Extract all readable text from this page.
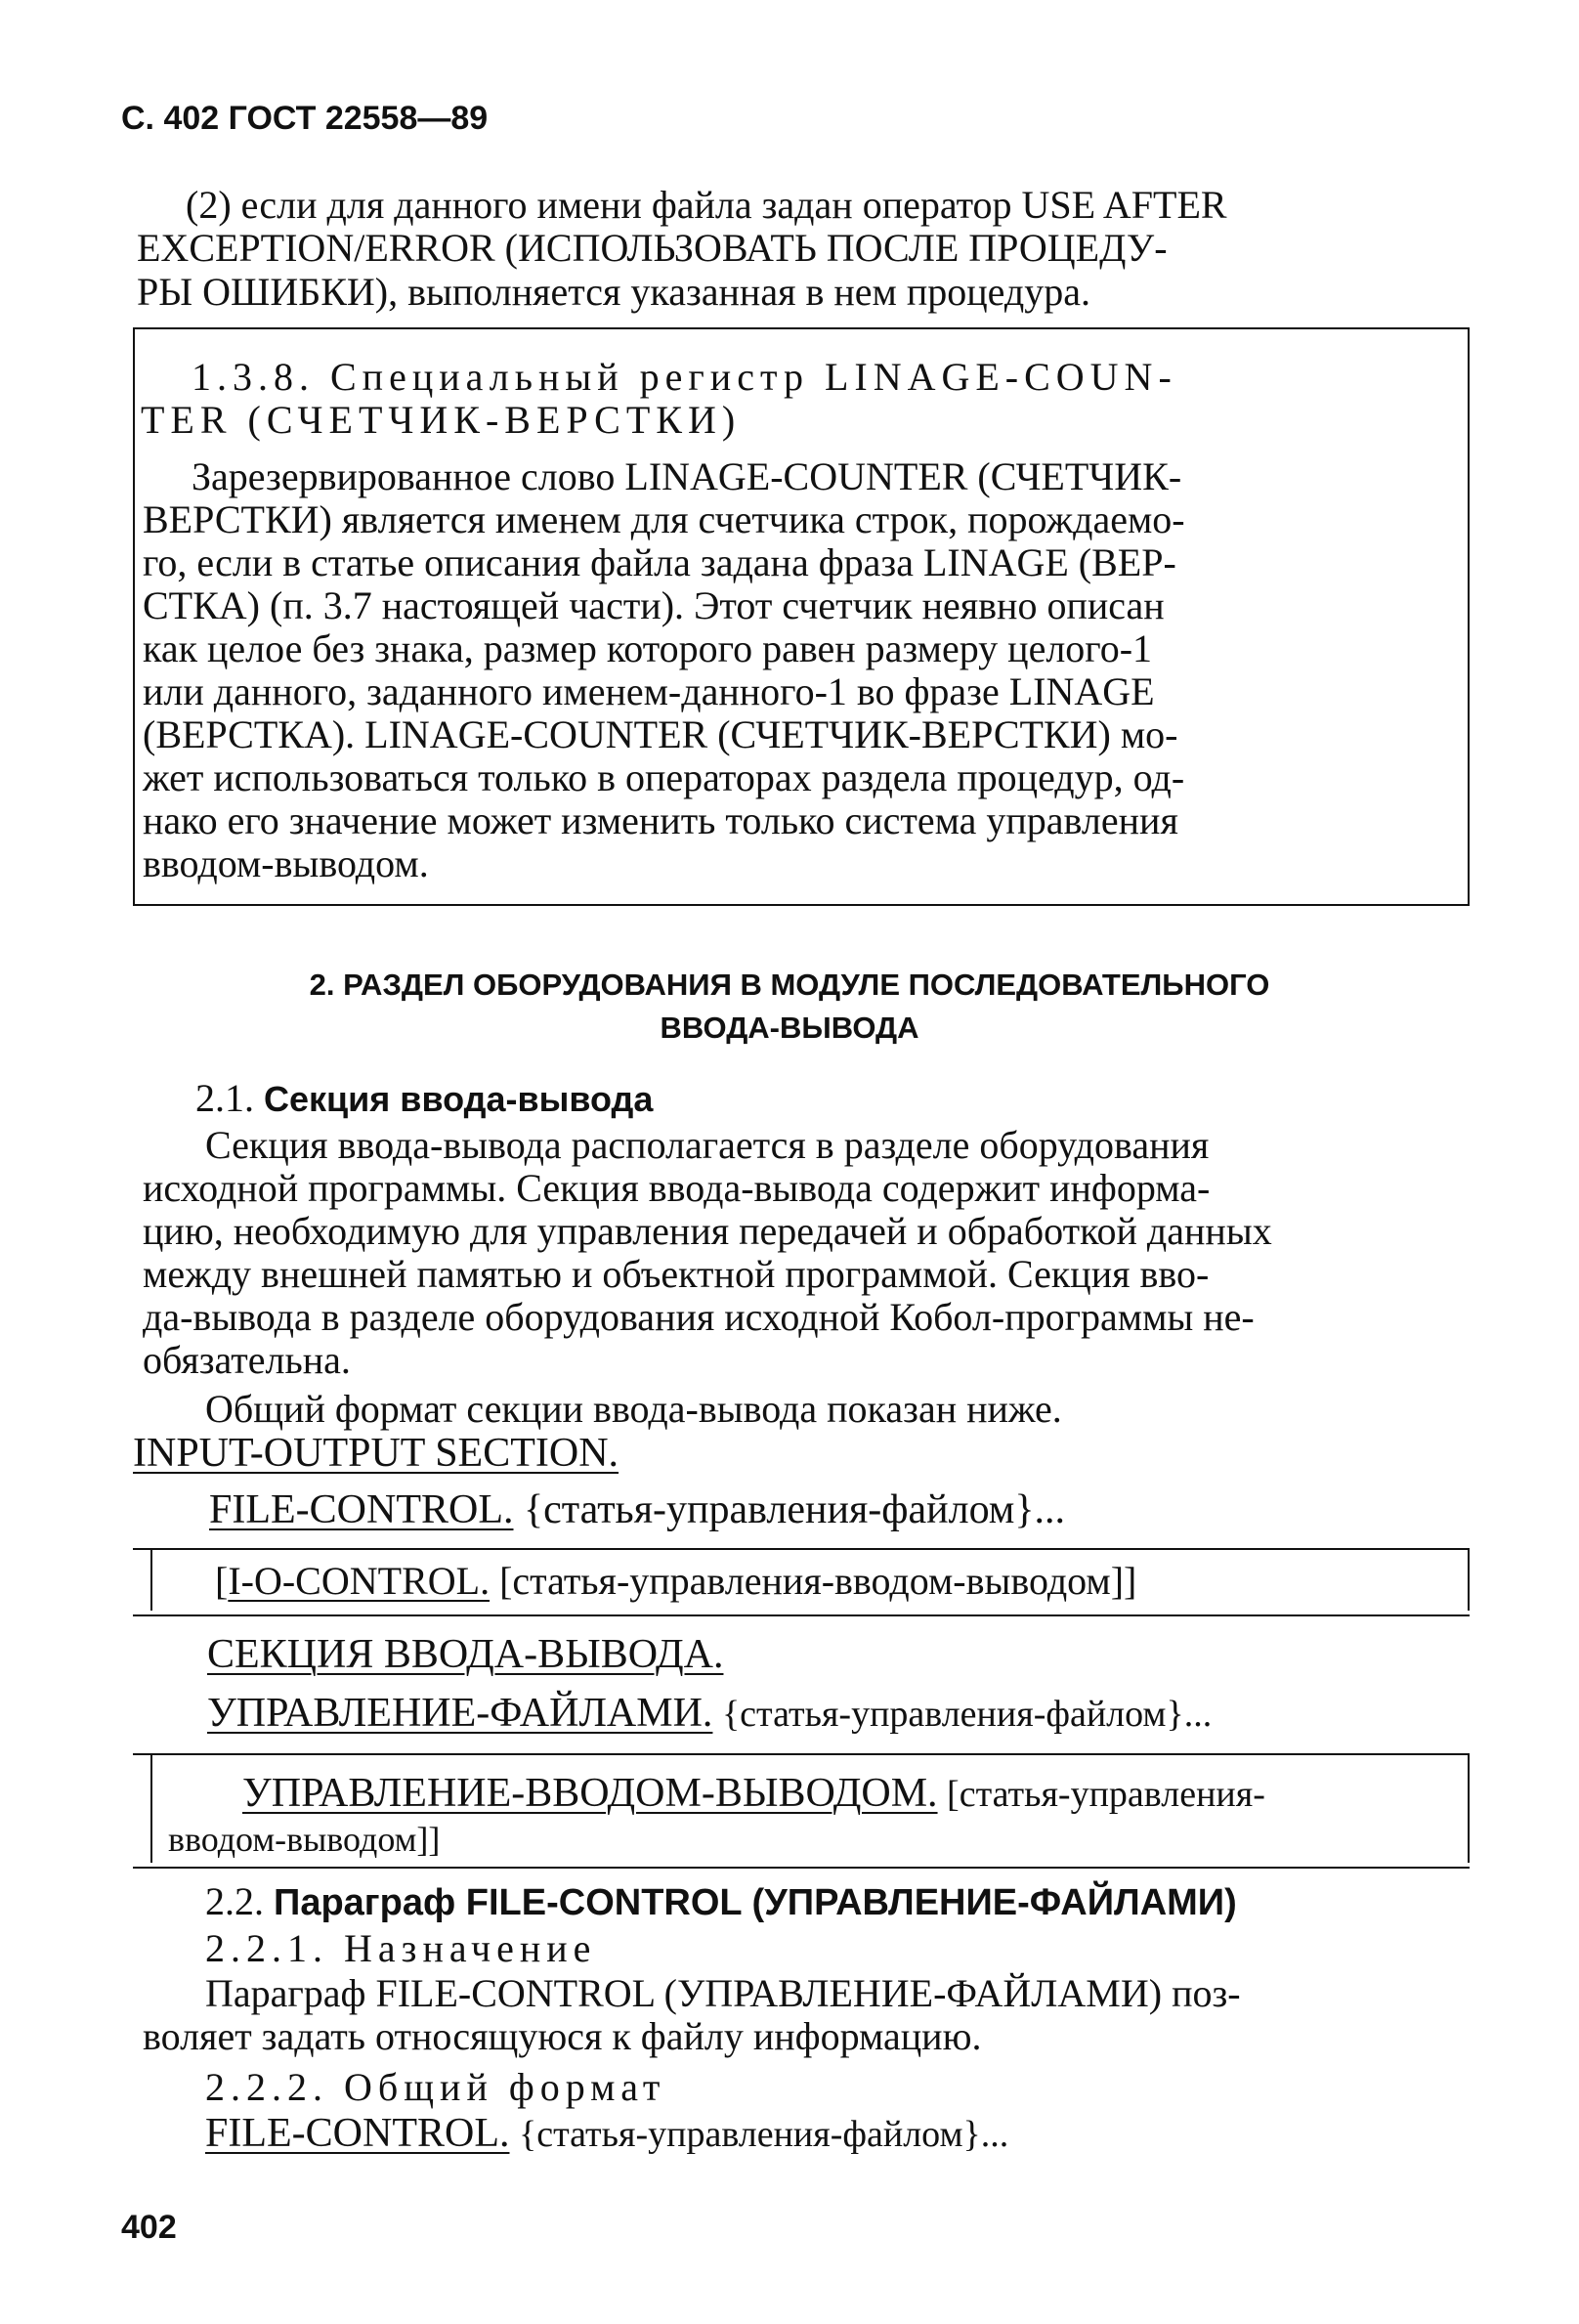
С. 402 ГОСТ 22558—89
(2) если для данного имени файла задан оператор USE AFTER
EXCEPTION/ERROR (ИСПОЛЬЗОВАТЬ ПОСЛЕ ПРОЦЕДУ-
РЫ ОШИБКИ), выполняется указанная в нем процедура.
1.3.8. Специальный регистр LINAGE-COUN-
TER (СЧЕТЧИК-ВЕРСТКИ)
Зарезервированное слово LINAGE-COUNTER (СЧЕТЧИК-
ВЕРСТКИ) является именем для счетчика строк, порождаемо-
го, если в статье описания файла задана фраза LINAGE (ВЕР-
СТКА) (п. 3.7 настоящей части). Этот счетчик неявно описан
как целое без знака, размер которого равен размеру целого-1
или данного, заданного именем-данного-1 во фразе LINAGE
(ВЕРСТКА). LINAGE-COUNTER (СЧЕТЧИК-ВЕРСТКИ) мо-
жет использоваться только в операторах раздела процедур, од-
нако его значение может изменить только система управления
вводом-выводом.
2. РАЗДЕЛ ОБОРУДОВАНИЯ В МОДУЛЕ ПОСЛЕДОВАТЕЛЬНОГО
ВВОДА-ВЫВОДА
2.1. Секция ввода-вывода
Секция ввода-вывода располагается в разделе оборудования
исходной программы. Секция ввода-вывода содержит информа-
цию, необходимую для управления передачей и обработкой данных
между внешней памятью и объектной программой. Секция вво-
да-вывода в разделе оборудования исходной Кобол-программы не-
обязательна.
Общий формат секции ввода-вывода показан ниже.
INPUT-OUTPUT SECTION.
FILE-CONTROL. {статья-управления-файлом}...
[I-O-CONTROL. [статья-управления-вводом-выводом]]
СЕКЦИЯ ВВОДА-ВЫВОДА.
УПРАВЛЕНИЕ-ФАЙЛАМИ. {статья-управления-файлом}...
УПРАВЛЕНИЕ-ВВОДОМ-ВЫВОДОМ. [статья-управления-
вводом-выводом]]
2.2. Параграф FILE-CONTROL (УПРАВЛЕНИЕ-ФАЙЛАМИ)
2.2.1. Назначение
Параграф FILE-CONTROL (УПРАВЛЕНИЕ-ФАЙЛАМИ) поз-
воляет задать относящуюся к файлу информацию.
2.2.2. Общий формат
FILE-CONTROL. {статья-управления-файлом}...
402
